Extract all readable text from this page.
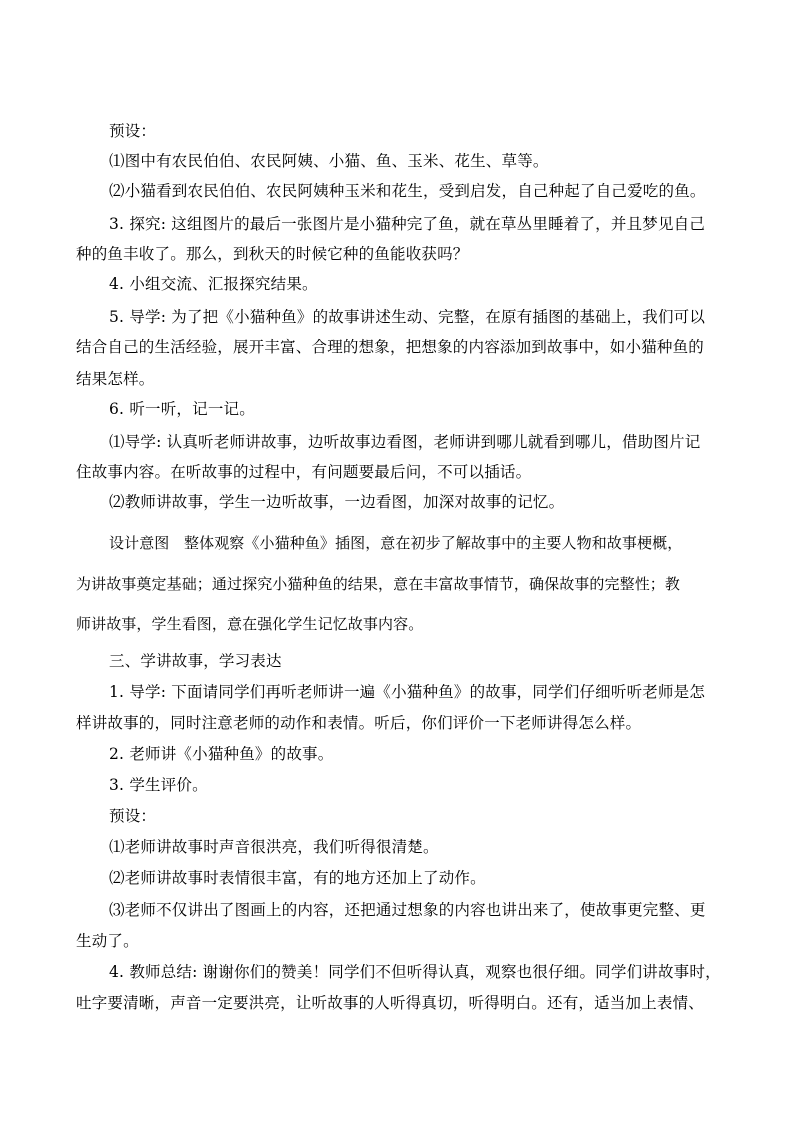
预设：
⑴图中有农民伯伯、农民阿姨、小猫、鱼、玉米、花生、草等。
⑵小猫看到农民伯伯、农民阿姨种玉米和花生，受到启发，自己种起了自己爱吃的鱼。
3. 探究: 这组图片的最后一张图片是小猫种完了鱼，就在草丛里睡着了，并且梦见自己
种的鱼丰收了。那么，到秋天的时候它种的鱼能收获吗？
4. 小组交流、汇报探究结果。
5. 导学: 为了把《小猫种鱼》的故事讲述生动、完整，在原有插图的基础上，我们可以
结合自己的生活经验，展开丰富、合理的想象，把想象的内容添加到故事中，如小猫种鱼的
结果怎样。
6. 听一听，记一记。
⑴导学: 认真听老师讲故事，边听故事边看图，老师讲到哪儿就看到哪儿，借助图片记
住故事内容。在听故事的过程中，有问题要最后问，不可以插话。
⑵教师讲故事，学生一边听故事，一边看图，加深对故事的记忆。
设计意图   整体观察《小猫种鱼》插图，意在初步了解故事中的主要人物和故事梗概，
为讲故事奠定基础；通过探究小猫种鱼的结果，意在丰富故事情节，确保故事的完整性；教
师讲故事，学生看图，意在强化学生记忆故事内容。
三、学讲故事，学习表达
1. 导学: 下面请同学们再听老师讲一遍《小猫种鱼》的故事，同学们仔细听听老师是怎
样讲故事的，同时注意老师的动作和表情。听后，你们评价一下老师讲得怎么样。
2. 老师讲《小猫种鱼》的故事。
3. 学生评价。
预设：
⑴老师讲故事时声音很洪亮，我们听得很清楚。
⑵老师讲故事时表情很丰富，有的地方还加上了动作。
⑶老师不仅讲出了图画上的内容，还把通过想象的内容也讲出来了，使故事更完整、更
生动了。
4. 教师总结: 谢谢你们的赞美！同学们不但听得认真，观察也很仔细。同学们讲故事时，
吐字要清晰，声音一定要洪亮，让听故事的人听得真切，听得明白。还有，适当加上表情、
